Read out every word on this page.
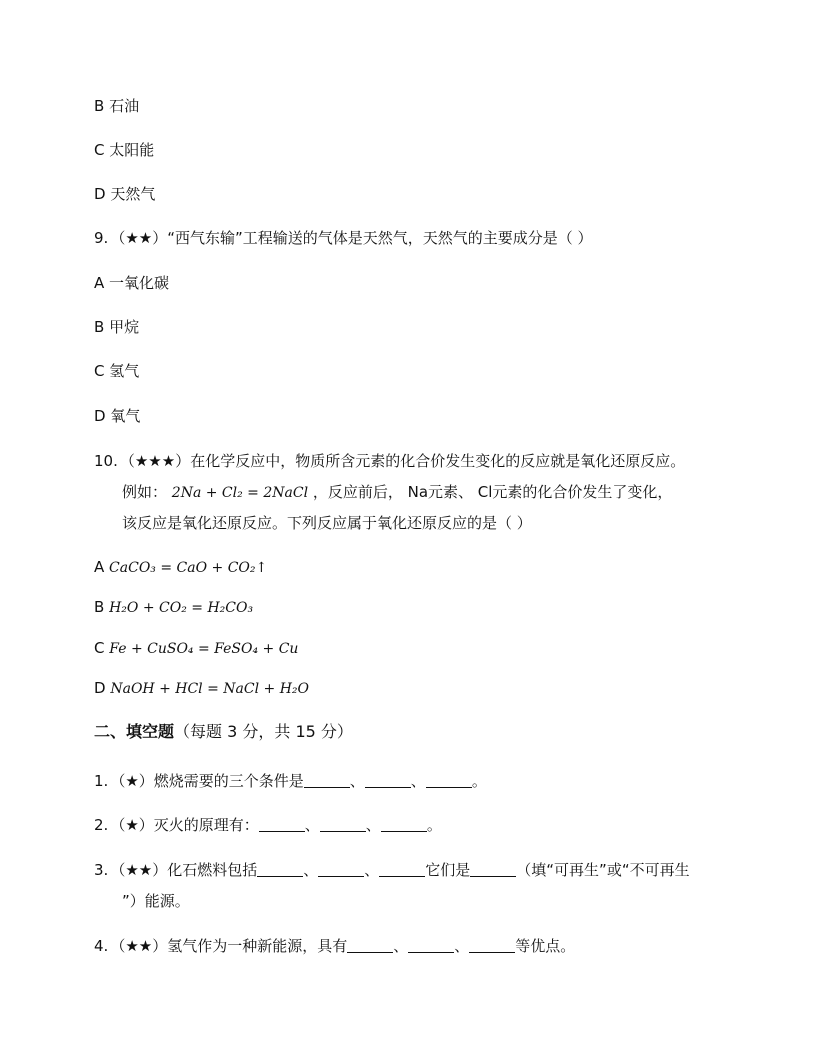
B 石油
C 太阳能
D 天然气
9. （★★）“西气东输”工程输送的气体是天然气，天然气的主要成分是（ ）
A 一氧化碳
B 甲烷
C 氢气
D 氧气
10. （★★★）在化学反应中，物质所含元素的化合价发生变化的反应就是氧化还原反应。
例如： 2Na + Cl₂ = 2NaCl ，反应前后， Na元素、 Cl元素的化合价发生了变化，
该反应是氧化还原反应。下列反应属于氧化还原反应的是（ ）
A CaCO₃ = CaO + CO₂↑
B H₂O + CO₂ = H₂CO₃
C Fe + CuSO₄ = FeSO₄ + Cu
D NaOH + HCl = NaCl + H₂O
二、填空题（每题 3 分，共 15 分）
1. （★）燃烧需要的三个条件是	、	、	。
2. （★）灭火的原理有：	、	、	。
3. （★★）化石燃料包括	、	、	它们是	（填“可再生”或“不可再生
”）能源。
4. （★★）氢气作为一种新能源，具有	、	、	等优点。
